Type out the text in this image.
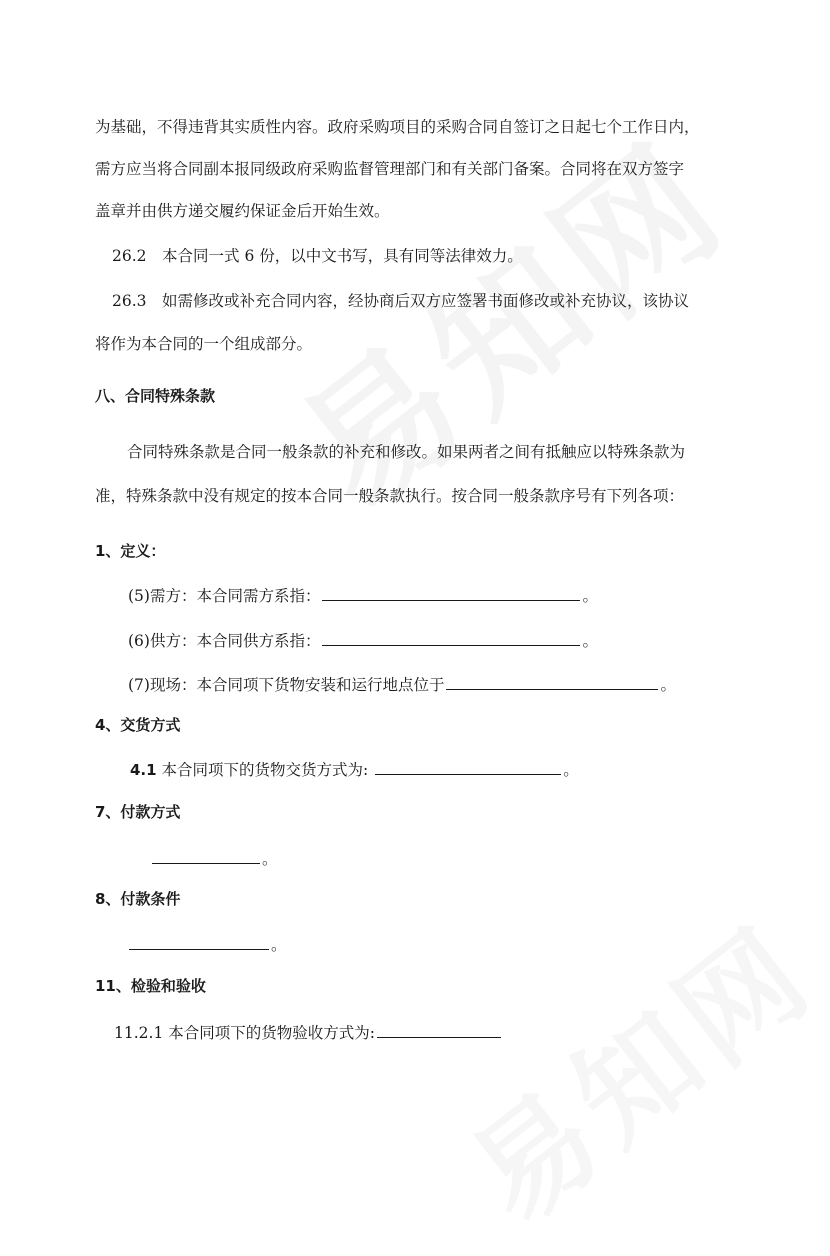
为基础，不得违背其实质性内容。政府采购项目的采购合同自签订之日起七个工作日内，
需方应当将合同副本报同级政府采购监督管理部门和有关部门备案。合同将在双方签字
盖章并由供方递交履约保证金后开始生效。
26.2　本合同一式 6 份，以中文书写，具有同等法律效力。
26.3　如需修改或补充合同内容，经协商后双方应签署书面修改或补充协议，该协议
将作为本合同的一个组成部分。
八、合同特殊条款
合同特殊条款是合同一般条款的补充和修改。如果两者之间有抵触应以特殊条款为
准，特殊条款中没有规定的按本合同一般条款执行。按合同一般条款序号有下列各项：
1、定义：
(5)需方：本合同需方系指：	。
(6)供方：本合同供方系指：	。
(7)现场：本合同项下货物安装和运行地点位于	。
4、交货方式
4.1 本合同项下的货物交货方式为:	。
7、付款方式
。
8、付款条件
。
11、检验和验收
11.2.1 本合同项下的货物验收方式为:
